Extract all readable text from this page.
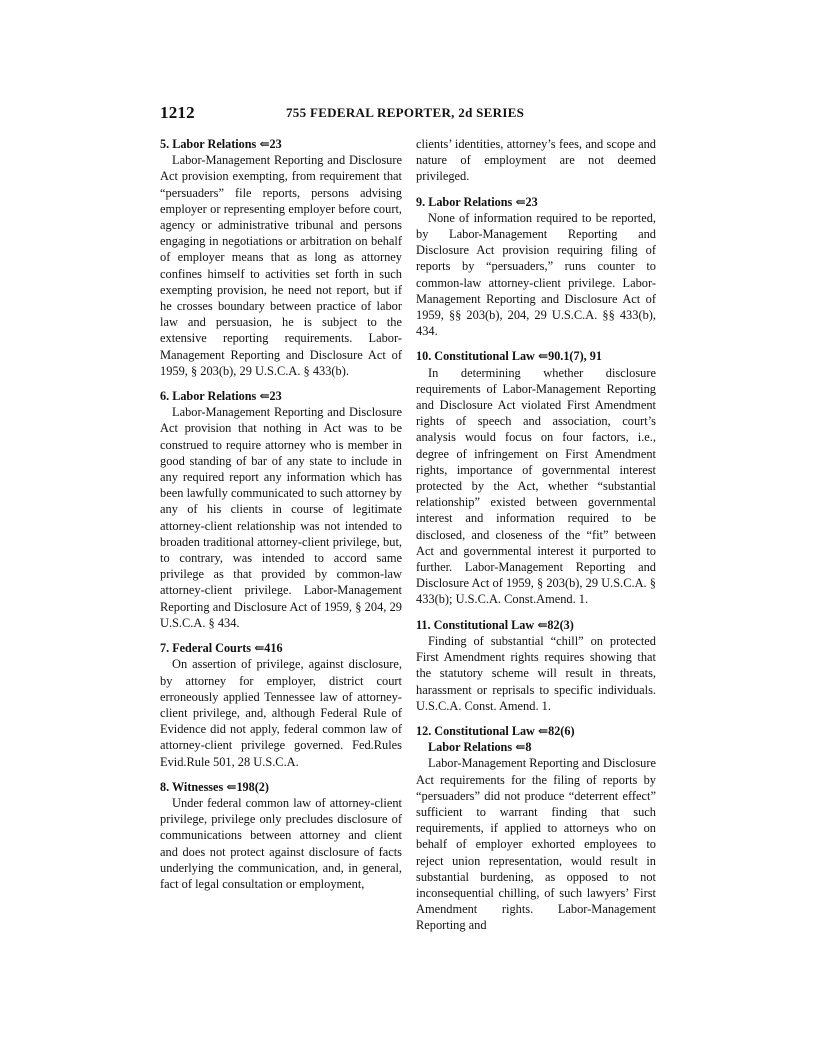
1212	755 FEDERAL REPORTER, 2d SERIES

5. Labor Relations ⇐23

Labor-Management Reporting and Disclosure Act provision exempting, from requirement that “persuaders” file reports, persons advising employer or representing employer before court, agency or administrative tribunal and persons engaging in negotiations or arbitration on behalf of employer means that as long as attorney confines himself to activities set forth in such exempting provision, he need not report, but if he crosses boundary between practice of labor law and persuasion, he is subject to the extensive reporting requirements. Labor-Management Reporting and Disclosure Act of 1959, § 203(b), 29 U.S.C.A. § 433(b).

6. Labor Relations ⇐23

Labor-Management Reporting and Disclosure Act provision that nothing in Act was to be construed to require attorney who is member in good standing of bar of any state to include in any required report any information which has been lawfully communicated to such attorney by any of his clients in course of legitimate attorney-client relationship was not intended to broaden traditional attorney-client privilege, but, to contrary, was intended to accord same privilege as that provided by common-law attorney-client privilege. Labor-Management Reporting and Disclosure Act of 1959, § 204, 29 U.S.C.A. § 434.

7. Federal Courts ⇐416

On assertion of privilege, against disclosure, by attorney for employer, district court erroneously applied Tennessee law of attorney-client privilege, and, although Federal Rule of Evidence did not apply, federal common law of attorney-client privilege governed. Fed.Rules Evid.Rule 501, 28 U.S.C.A.

8. Witnesses ⇐198(2)

Under federal common law of attorney-client privilege, privilege only precludes disclosure of communications between attorney and client and does not protect against disclosure of facts underlying the communication, and, in general, fact of legal consultation or employment,

clients’ identities, attorney’s fees, and scope and nature of employment are not deemed privileged.

9. Labor Relations ⇐23

None of information required to be reported, by Labor-Management Reporting and Disclosure Act provision requiring filing of reports by “persuaders,” runs counter to common-law attorney-client privilege. Labor-Management Reporting and Disclosure Act of 1959, §§ 203(b), 204, 29 U.S.C.A. §§ 433(b), 434.

10. Constitutional Law ⇐90.1(7), 91

In determining whether disclosure requirements of Labor-Management Reporting and Disclosure Act violated First Amendment rights of speech and association, court’s analysis would focus on four factors, i.e., degree of infringement on First Amendment rights, importance of governmental interest protected by the Act, whether “substantial relationship” existed between governmental interest and information required to be disclosed, and closeness of the “fit” between Act and governmental interest it purported to further. Labor-Management Reporting and Disclosure Act of 1959, § 203(b), 29 U.S.C.A. § 433(b); U.S.C.A. Const.Amend. 1.

11. Constitutional Law ⇐82(3)

Finding of substantial “chill” on protected First Amendment rights requires showing that the statutory scheme will result in threats, harassment or reprisals to specific individuals. U.S.C.A. Const. Amend. 1.

12. Constitutional Law ⇐82(6)

Labor Relations ⇐8

Labor-Management Reporting and Disclosure Act requirements for the filing of reports by “persuaders” did not produce “deterrent effect” sufficient to warrant finding that such requirements, if applied to attorneys who on behalf of employer exhorted employees to reject union representation, would result in substantial burdening, as opposed to not inconsequential chilling, of such lawyers’ First Amendment rights. Labor-Management Reporting and
